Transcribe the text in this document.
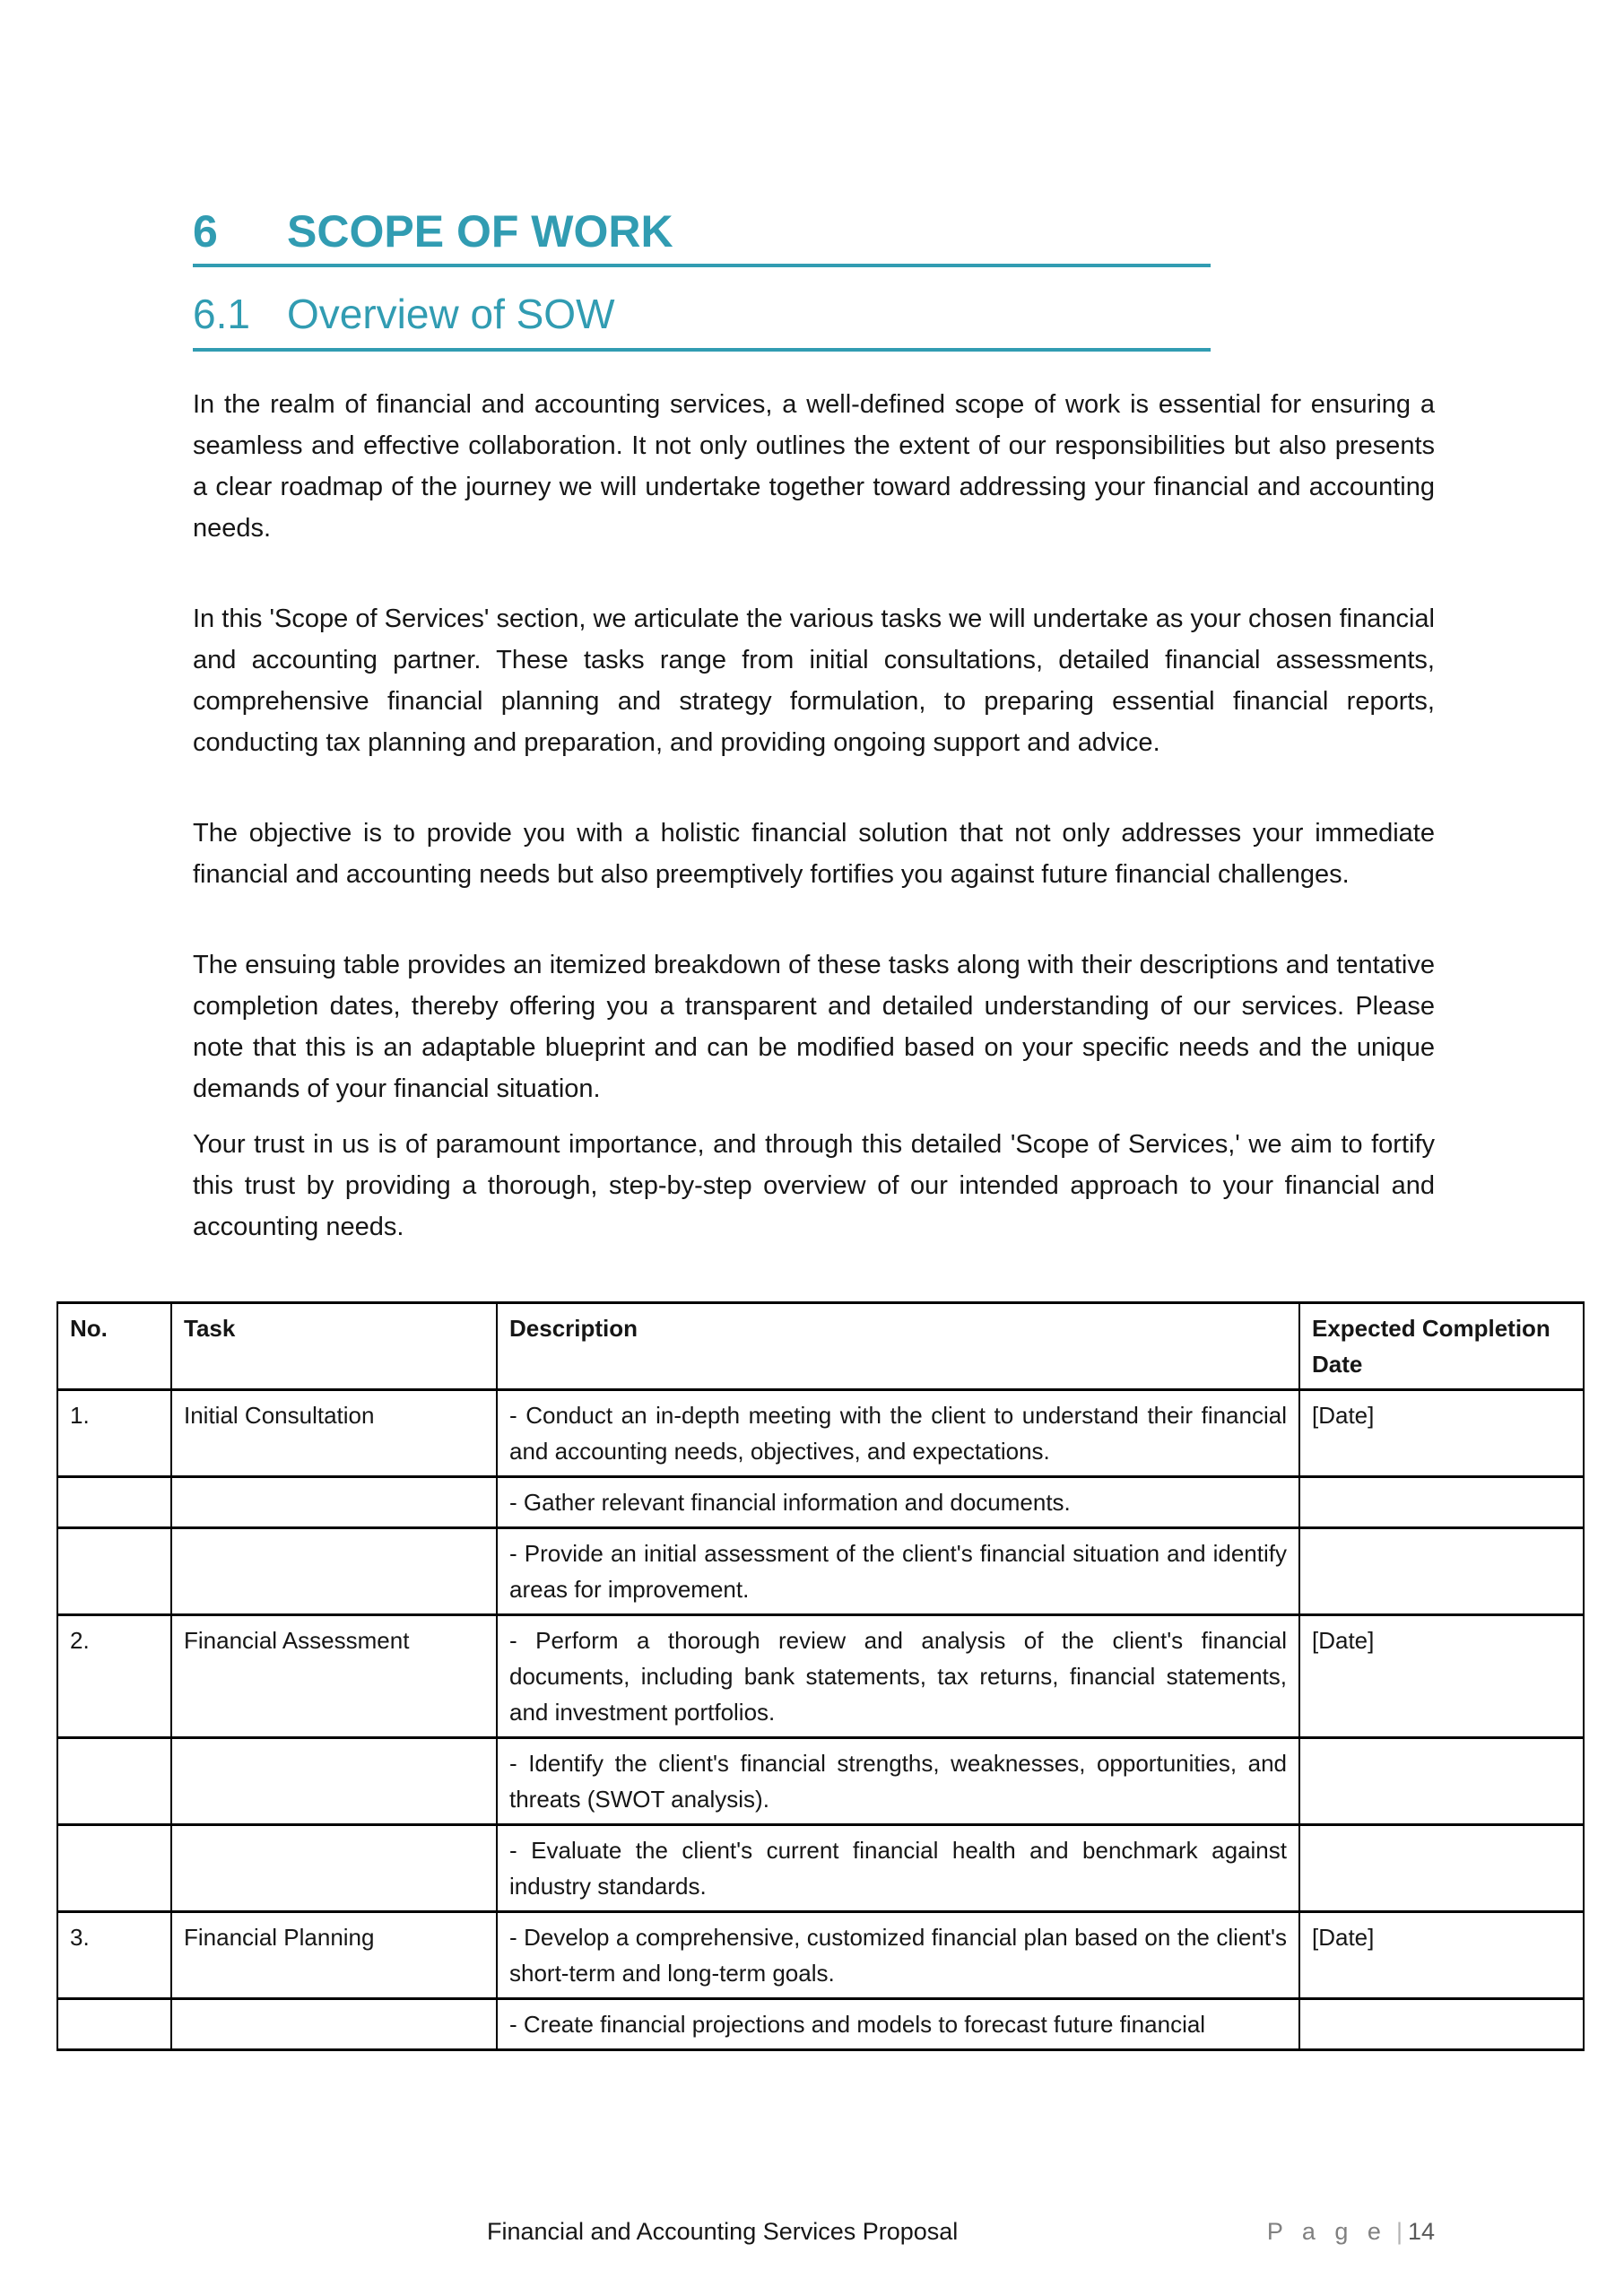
6	SCOPE OF WORK
6.1 Overview of SOW

In the realm of financial and accounting services, a well-defined scope of work is essential for ensuring a seamless and effective collaboration. It not only outlines the extent of our responsibilities but also presents a clear roadmap of the journey we will undertake together toward addressing your financial and accounting needs.

In this 'Scope of Services' section, we articulate the various tasks we will undertake as your chosen financial and accounting partner. These tasks range from initial consultations, detailed financial assessments, comprehensive financial planning and strategy formulation, to preparing essential financial reports, conducting tax planning and preparation, and providing ongoing support and advice.

The objective is to provide you with a holistic financial solution that not only addresses your immediate financial and accounting needs but also preemptively fortifies you against future financial challenges.

The ensuing table provides an itemized breakdown of these tasks along with their descriptions and tentative completion dates, thereby offering you a transparent and detailed understanding of our services. Please note that this is an adaptable blueprint and can be modified based on your specific needs and the unique demands of your financial situation.

Your trust in us is of paramount importance, and through this detailed 'Scope of Services,' we aim to fortify this trust by providing a thorough, step-by-step overview of our intended approach to your financial and accounting needs.

No.	Task	Description	Expected Completion Date
1.	Initial Consultation	- Conduct an in-depth meeting with the client to understand their financial and accounting needs, objectives, and expectations.	[Date]
		- Gather relevant financial information and documents.	
		- Provide an initial assessment of the client's financial situation and identify areas for improvement.	
2.	Financial Assessment	- Perform a thorough review and analysis of the client's financial documents, including bank statements, tax returns, financial statements, and investment portfolios.	[Date]
		- Identify the client's financial strengths, weaknesses, opportunities, and threats (SWOT analysis).	
		- Evaluate the client's current financial health and benchmark against industry standards.	
3.	Financial Planning	- Develop a comprehensive, customized financial plan based on the client's short-term and long-term goals.	[Date]
		- Create financial projections and models to forecast future financial	
Financial and Accounting Services Proposal	P a g e | 14
